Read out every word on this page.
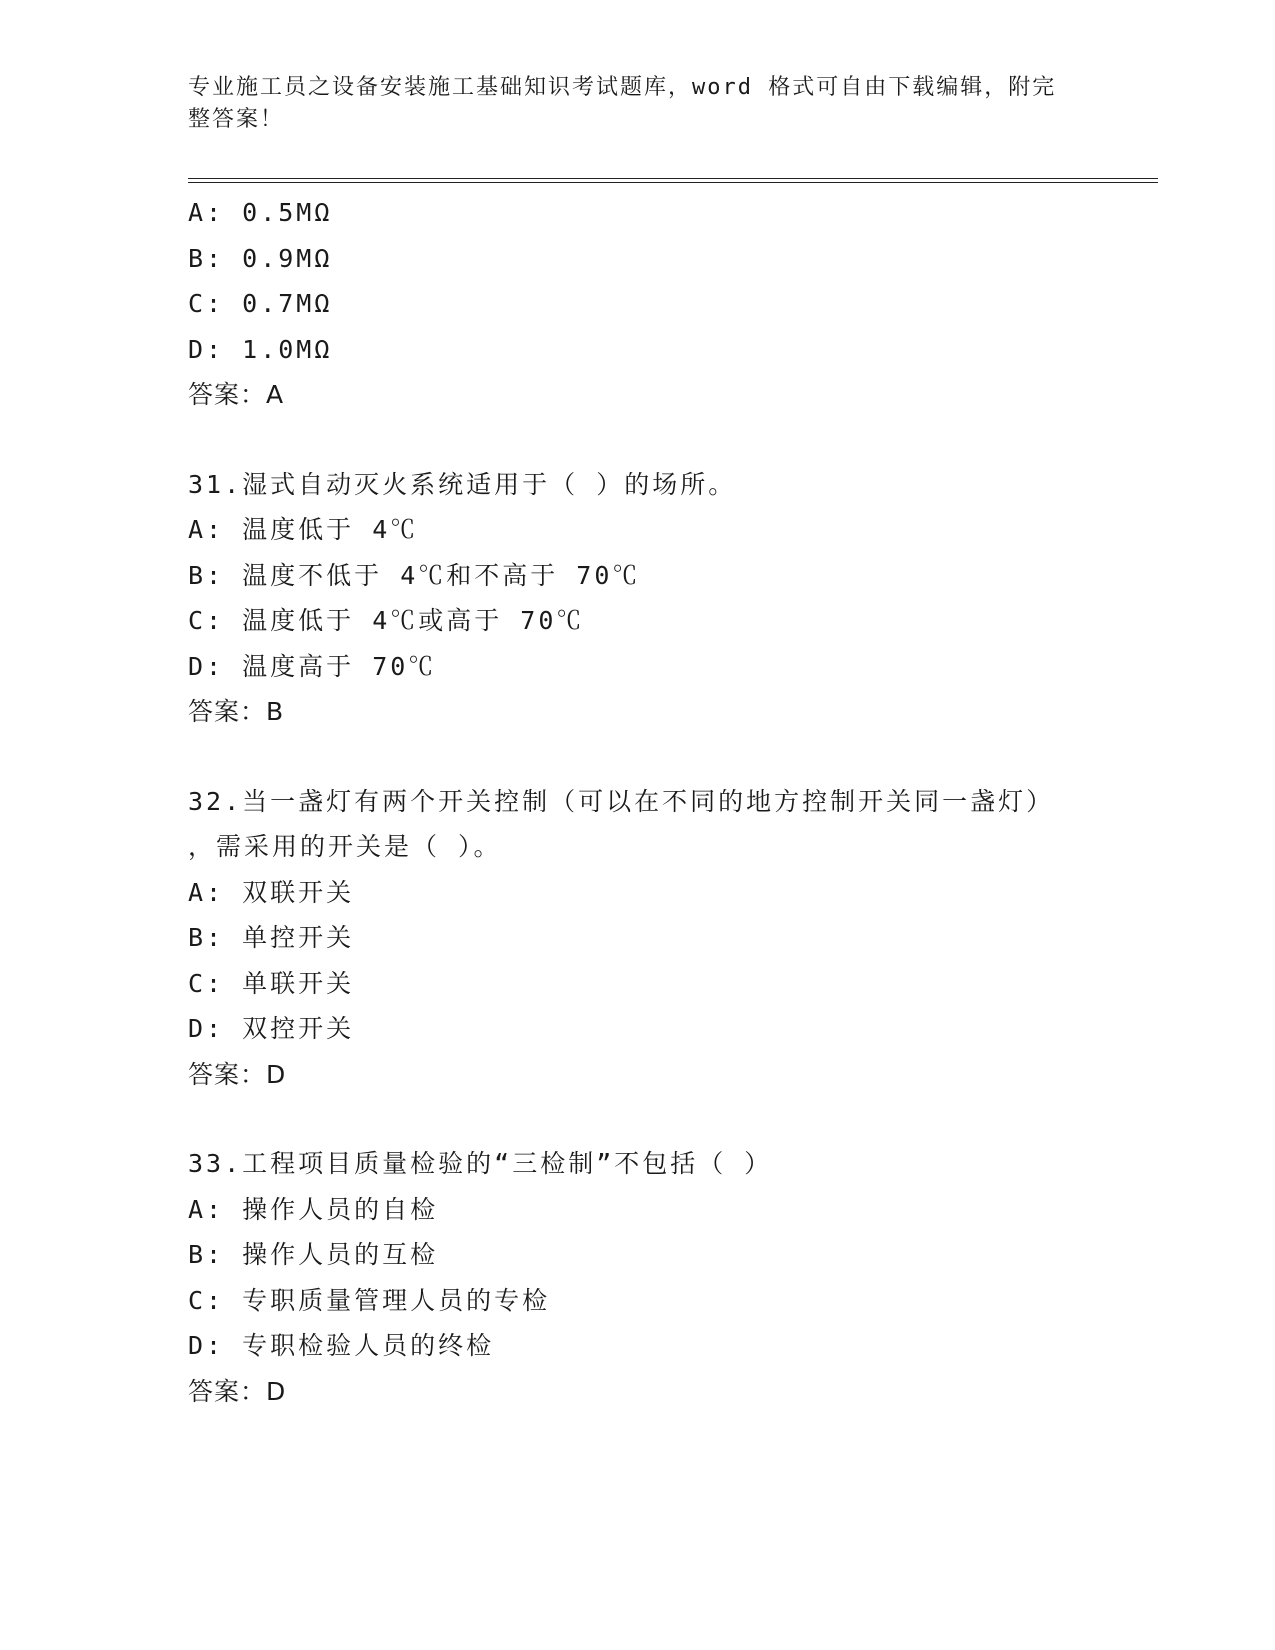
专业施工员之设备安装施工基础知识考试题库，word 格式可自由下载编辑，附完
整答案！
A: 0.5MΩ
B: 0.9MΩ
C: 0.7MΩ
D: 1.0MΩ
答案：A
31.湿式自动灭火系统适用于（ ）的场所。
A: 温度低于 4℃
B: 温度不低于 4℃和不高于 70℃
C: 温度低于 4℃或高于 70℃
D: 温度高于 70℃
答案：B
32.当一盏灯有两个开关控制（可以在不同的地方控制开关同一盏灯）
，需采用的开关是（ ）。
A: 双联开关
B: 单控开关
C: 单联开关
D: 双控开关
答案：D
33.工程项目质量检验的“三检制”不包括（ ）
A: 操作人员的自检
B: 操作人员的互检
C: 专职质量管理人员的专检
D: 专职检验人员的终检
答案：D
